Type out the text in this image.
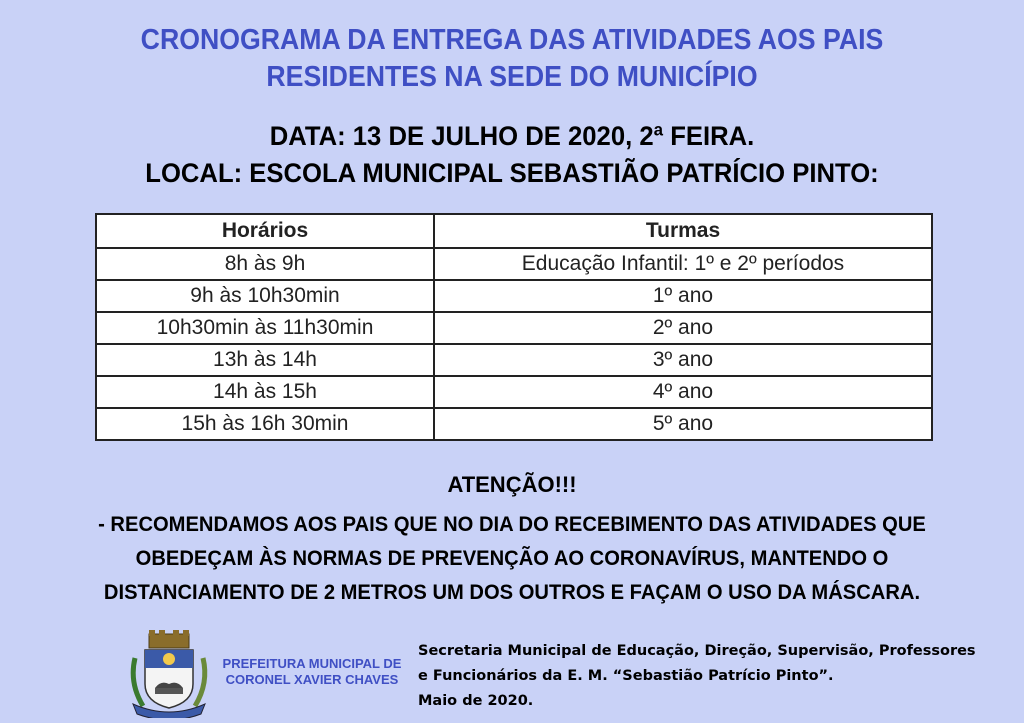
CRONOGRAMA DA ENTREGA DAS ATIVIDADES AOS PAIS
RESIDENTES NA SEDE DO MUNICÍPIO
DATA: 13 DE JULHO DE 2020, 2ª FEIRA.
LOCAL: ESCOLA MUNICIPAL SEBASTIÃO PATRÍCIO PINTO:
Horários	Turmas
8h às 9h	Educação Infantil: 1º e 2º períodos
9h às 10h30min	1º ano
10h30min às 11h30min	2º ano
13h às 14h	3º ano
14h às 15h	4º ano
15h às 16h 30min	5º ano
ATENÇÃO!!!
- RECOMENDAMOS AOS PAIS QUE NO DIA DO RECEBIMENTO DAS ATIVIDADES QUE
OBEDEÇAM ÀS NORMAS DE PREVENÇÃO AO CORONAVÍRUS, MANTENDO O
DISTANCIAMENTO DE 2 METROS UM DOS OUTROS E FAÇAM O USO DA MÁSCARA.
PREFEITURA MUNICIPAL DE
CORONEL XAVIER CHAVES
Secretaria Municipal de Educação, Direção, Supervisão, Professores
e Funcionários da E. M. “Sebastião Patrício Pinto”.
Maio de 2020.
